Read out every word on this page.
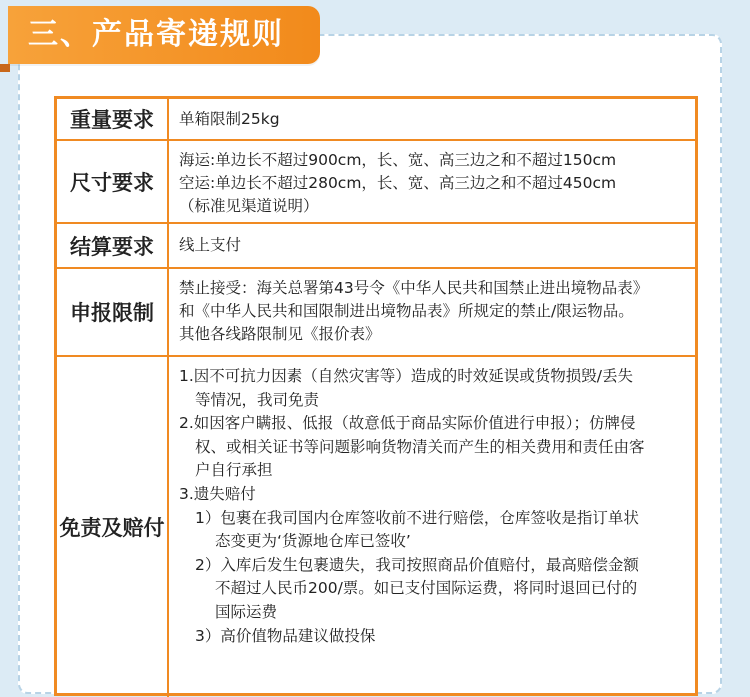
三、产品寄递规则
重量要求	单箱限制25kg

尺寸要求

海运:单边长不超过900cm，长、宽、高三边之和不超过150cm

空运:单边长不超过280cm，长、宽、高三边之和不超过450cm

（标准见渠道说明）

结算要求	线上支付

申报限制

禁止接受：海关总署第43号令《中华人民共和国禁止进出境物品表》

和《中华人民共和国限制进出境物品表》所规定的禁止/限运物品。

其他各线路限制见《报价表》

免责及赔付

1.因不可抗力因素（自然灾害等）造成的时效延误或货物损毁/丢失

等情况，我司免责

2.如因客户瞒报、低报（故意低于商品实际价值进行申报）；仿牌侵

权、或相关证书等问题影响货物清关而产生的相关费用和责任由客

户自行承担

3.遗失赔付

1）包裹在我司国内仓库签收前不进行赔偿，仓库签收是指订单状

态变更为‘货源地仓库已签收’

2）入库后发生包裹遗失，我司按照商品价值赔付，最高赔偿金额

不超过人民币200/票。如已支付国际运费，将同时退回已付的

国际运费

3）高价值物品建议做投保
